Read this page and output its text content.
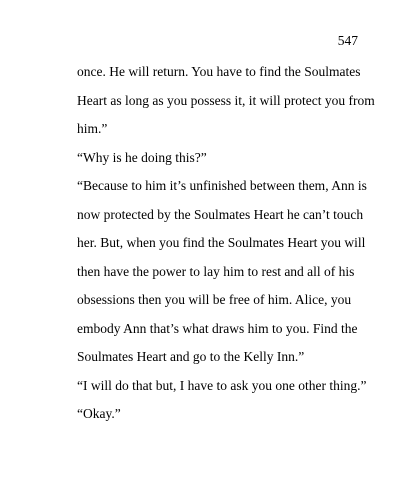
547
once. He will return. You have to find the Soulmates
Heart as long as you possess it, it will protect you from
him.”
“Why is he doing this?”
“Because to him it’s unfinished between them, Ann is
now protected by the Soulmates Heart he can’t touch
her. But, when you find the Soulmates Heart you will
then have the power to lay him to rest and all of his
obsessions then you will be free of him. Alice, you
embody Ann that’s what draws him to you. Find the
Soulmates Heart and go to the Kelly Inn.”
“I will do that but, I have to ask you one other thing.”
“Okay.”
